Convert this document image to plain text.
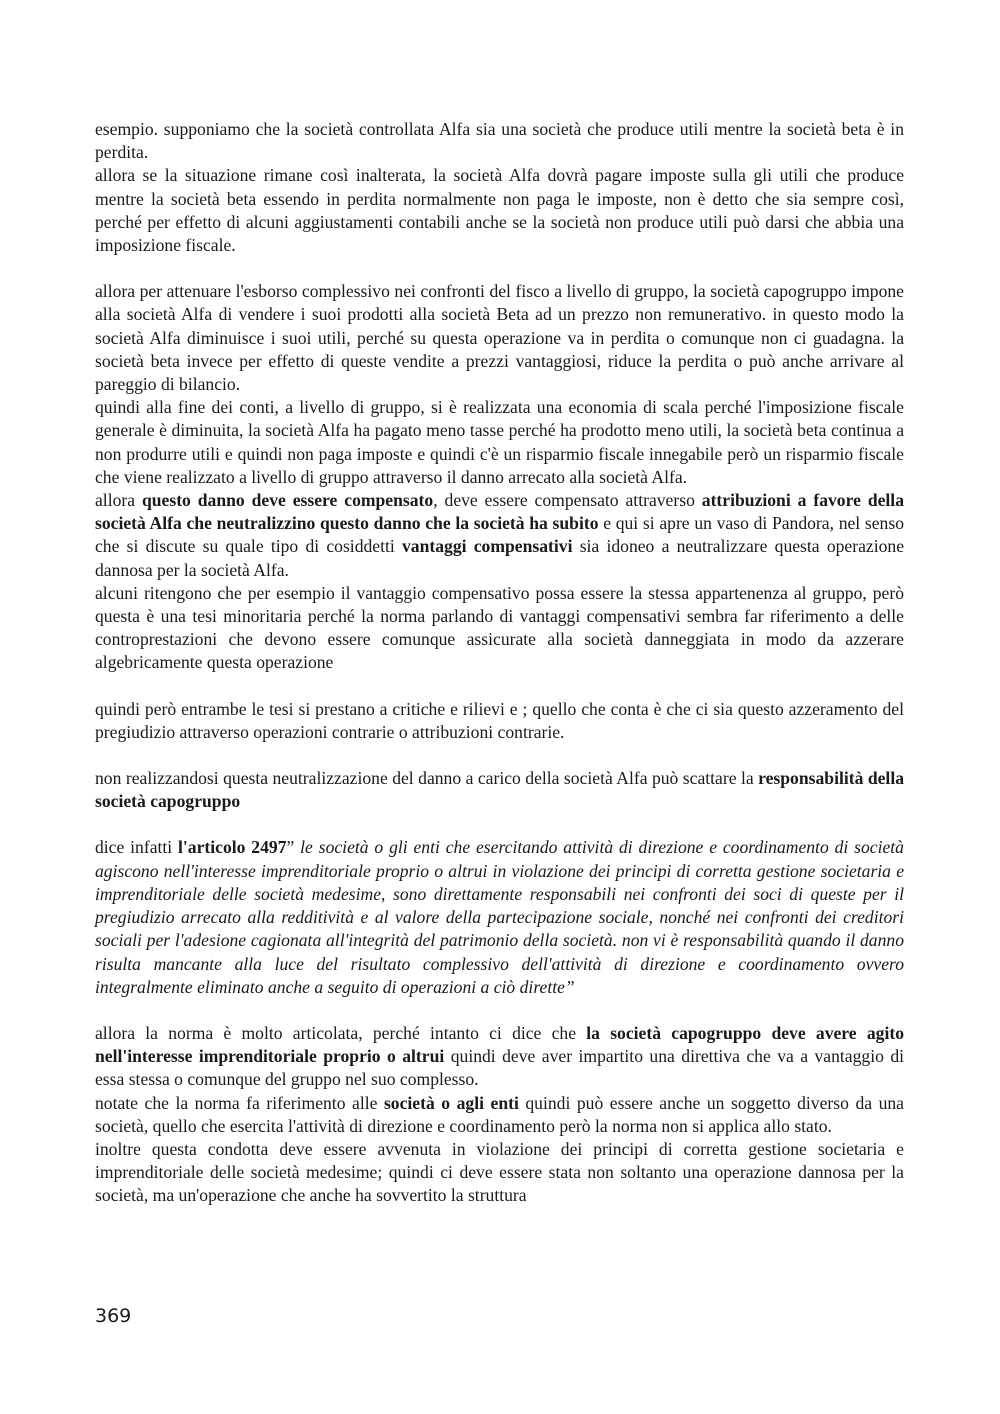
esempio. supponiamo che la società controllata Alfa sia una società che produce utili mentre la società beta è in perdita.

allora se la situazione rimane così inalterata, la società Alfa dovrà pagare imposte sulla gli utili che produce mentre la società beta essendo in perdita normalmente non paga le imposte, non è detto che sia sempre così, perché per effetto di alcuni aggiustamenti contabili anche se la società non produce utili può darsi che abbia una imposizione fiscale.

allora per attenuare l'esborso complessivo nei confronti del fisco a livello di gruppo, la società capogruppo impone alla società Alfa di vendere i suoi prodotti alla società Beta ad un prezzo non remunerativo. in questo modo la società Alfa diminuisce i suoi utili, perché su questa operazione va in perdita o comunque non ci guadagna. la società beta invece per effetto di queste vendite a prezzi vantaggiosi, riduce la perdita o può anche arrivare al pareggio di bilancio.

quindi alla fine dei conti, a livello di gruppo, si è realizzata una economia di scala perché l'imposizione fiscale generale è diminuita, la società Alfa ha pagato meno tasse perché ha prodotto meno utili, la società beta continua a non produrre utili e quindi non paga imposte e quindi c'è un risparmio fiscale innegabile però un risparmio fiscale che viene realizzato a livello di gruppo attraverso il danno arrecato alla società Alfa.

allora questo danno deve essere compensato, deve essere compensato attraverso attribuzioni a favore della società Alfa che neutralizzino questo danno che la società ha subito e qui si apre un vaso di Pandora, nel senso che si discute su quale tipo di cosiddetti vantaggi compensativi sia idoneo a neutralizzare questa operazione dannosa per la società Alfa.

alcuni ritengono che per esempio il vantaggio compensativo possa essere la stessa appartenenza al gruppo, però questa è una tesi minoritaria perché la norma parlando di vantaggi compensativi sembra far riferimento a delle controprestazioni che devono essere comunque assicurate alla società danneggiata in modo da azzerare algebricamente questa operazione

quindi però entrambe le tesi si prestano a critiche e rilievi e ; quello che conta è che ci sia questo azzeramento del pregiudizio attraverso operazioni contrarie o attribuzioni contrarie.

non realizzandosi questa neutralizzazione del danno a carico della società Alfa può scattare la responsabilità della società capogruppo

dice infatti l'articolo 2497” le società o gli enti che esercitando attività di direzione e coordinamento di società agiscono nell'interesse imprenditoriale proprio o altrui in violazione dei principi di corretta gestione societaria e imprenditoriale delle società medesime, sono direttamente responsabili nei confronti dei soci di queste per il pregiudizio arrecato alla redditività e al valore della partecipazione sociale, nonché nei confronti dei creditori sociali per l'adesione cagionata all'integrità del patrimonio della società. non vi è responsabilità quando il danno risulta mancante alla luce del risultato complessivo dell'attività di direzione e coordinamento ovvero integralmente eliminato anche a seguito di operazioni a ciò dirette”

allora la norma è molto articolata, perché intanto ci dice che la società capogruppo deve avere agito nell'interesse imprenditoriale proprio o altrui quindi deve aver impartito una direttiva che va a vantaggio di essa stessa o comunque del gruppo nel suo complesso.

notate che la norma fa riferimento alle società o agli enti quindi può essere anche un soggetto diverso da una società, quello che esercita l'attività di direzione e coordinamento però la norma non si applica allo stato.

inoltre questa condotta deve essere avvenuta in violazione dei principi di corretta gestione societaria e imprenditoriale delle società medesime; quindi ci deve essere stata non soltanto una operazione dannosa per la società, ma un'operazione che anche ha sovvertito la struttura

369
